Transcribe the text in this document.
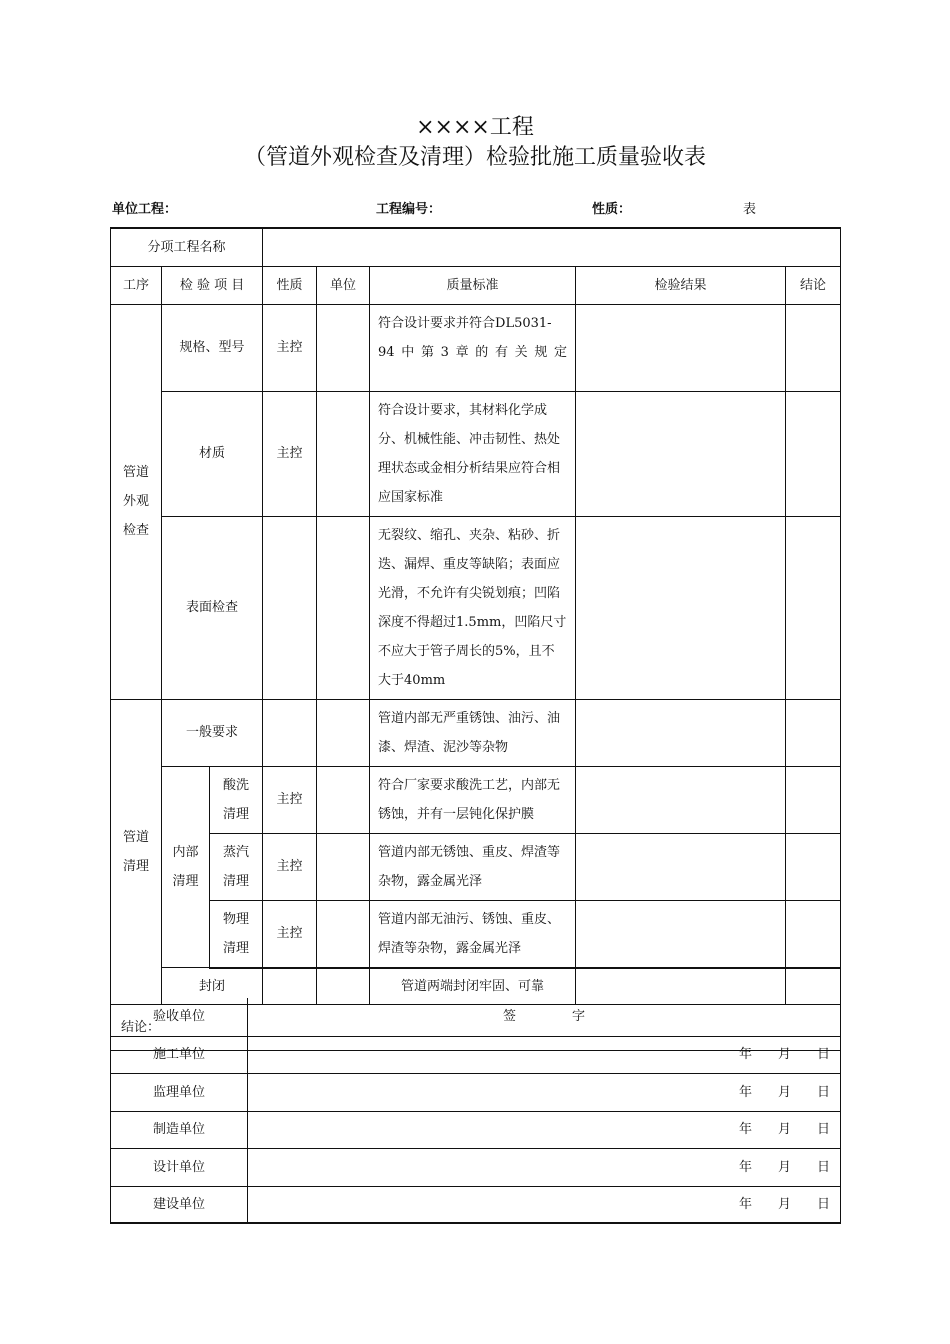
××××工程
（管道外观检查及清理）检验批施工质量验收表
单位工程：	工程编号：	性质：	表
分项工程名称							
工序	检 验 项 目		性质	单位	质量标准	检验结果	结论
管道外观检查	规格、型号		主控		符合设计要求并符合DL5031-94中第3章的有关规定		
	材质		主控		符合设计要求，其材料化学成分、机械性能、冲击韧性、热处理状态或金相分析结果应符合相应国家标准		
	表面检查				无裂纹、缩孔、夹杂、粘砂、折迭、漏焊、重皮等缺陷；表面应光滑，不允许有尖锐划痕；凹陷深度不得超过1.5mm，凹陷尺寸不应大于管子周长的5%，且不大于40mm		
管道清理	一般要求				管道内部无严重锈蚀、油污、油漆、焊渣、泥沙等杂物		
	内部清理	酸洗清理	主控		符合厂家要求酸洗工艺，内部无锈蚀，并有一层钝化保护膜		
		蒸汽清理	主控		管道内部无锈蚀、重皮、焊渣等杂物，露金属光泽		
		物理清理	主控		管道内部无油污、锈蚀、重皮、焊渣等杂物，露金属光泽		
	封闭				管道两端封闭牢固、可靠		
结论：							
验收单位	签 字
施工单位	年 月 日
监理单位	年 月 日
制造单位	年 月 日
设计单位	年 月 日
建设单位	年 月 日
